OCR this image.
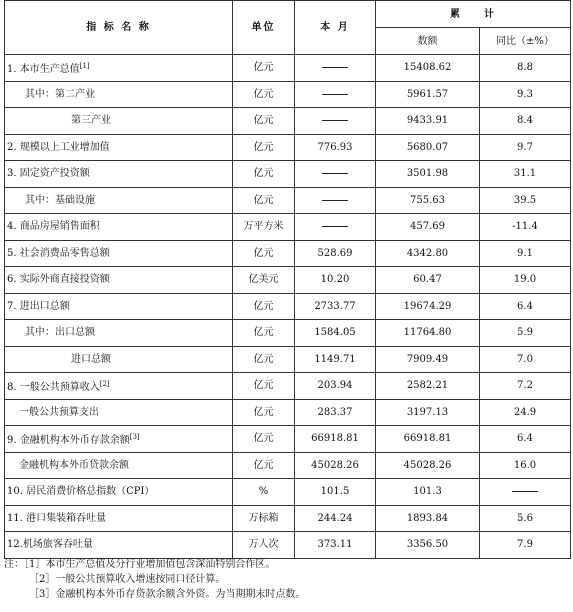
指 标 名 称	单位	本 月	累    计	
			数额	同比（±%）
1. 本市生产总值[1]	亿元		15408.62	8.8
其中：第二产业	亿元		5961.57	9.3
第三产业	亿元		9433.91	8.4
2. 规模以上工业增加值	亿元	776.93	5680.07	9.7
3. 固定资产投资额	亿元		3501.98	31.1
其中：基础设施	亿元		755.63	39.5
4. 商品房屋销售面积	万平方米		457.69	-11.4
5. 社会消费品零售总额	亿元	528.69	4342.80	9.1
6. 实际外商直接投资额	亿美元	10.20	60.47	19.0
7. 进出口总额	亿元	2733.77	19674.29	6.4
其中：出口总额	亿元	1584.05	11764.80	5.9
进口总额	亿元	1149.71	7909.49	7.0
8. 一般公共预算收入[2]	亿元	203.94	2582.21	7.2
一般公共预算支出	亿元	283.37	3197.13	24.9
9. 金融机构本外币存款余额[3]	亿元	66918.81	66918.81	6.4
金融机构本外币贷款余额	亿元	45028.26	45028.26	16.0
10. 居民消费价格总指数（CPI）	%	101.5	101.3	
11. 港口集装箱吞吐量	万标箱	244.24	1893.84	5.6
12.机场旅客吞吐量	万人次	373.11	3356.50	7.9
注：［1］本市生产总值及分行业增加值包含深汕特别合作区。
［2］一般公共预算收入增速按同口径计算。
［3］金融机构本外币存贷款余额含外资。为当期期末时点数。
